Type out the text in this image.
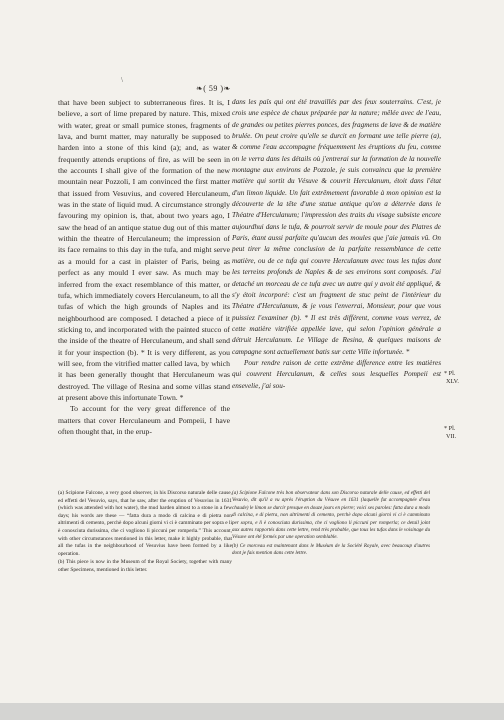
\
❧( 59 )❧

that have been subject to subterraneous fires. It is, I believe, a sort of lime prepared by nature. This, mixed with water, great or small pumice stones, fragments of lava, and burnt matter, may naturally be supposed to harden into a stone of this kind (a); and, as water frequently attends eruptions of fire, as will be seen in the accounts I shall give of the formation of the new mountain near Pozzoli, I am convinced the first matter that issued from Vesuvius, and covered Herculaneum, was in the state of liquid mud. A circumstance strongly favouring my opinion is, that, about two years ago, I saw the head of an antique statue dug out of this matter within the theatre of Herculaneum; the impression of its face remains to this day in the tufa, and might serve as a mould for a cast in plaister of Paris, being as perfect as any mould I ever saw. As much may be inferred from the exact resemblance of this matter, or tufa, which immediately covers Herculaneum, to all the tufas of which the high grounds of Naples and its neighbourhood are composed. I detached a piece of it sticking to, and incorporated with the painted stucco of the inside of the theatre of Herculaneum, and shall send it for your inspection (b). * It is very different, as you will see, from the vitrified matter called lava, by which it has been generally thought that Herculaneum was destroyed. The village of Resina and some villas stand at present above this infortunate Town. *

To account for the very great difference of the matters that cover Herculaneum and Pompeii, I have often thought that, in the erup-

dans les païs qui ont été travaillés par des feux souterrains. C'est, je crois une espèce de chaux préparée par la nature; mêlée avec de l'eau, de grandes ou petites pierres ponces, des fragmens de lave & de matière brulée. On peut croire qu'elle se durcit en formant une telle pierre (a), & comme l'eau accompagne fréquemment les éruptions du feu, comme on le verra dans les détails où j'entrerai sur la formation de la nouvelle montagne aux environs de Pozzole, je suis convaincu que la première matière qui sortit du Vésuve & couvrit Herculanum, étoit dans l'état d'un limon liquide. Un fait extrêmement favorable à mon opinion est la découverte de la tête d'une statue antique qu'on a déterrée dans le Théatre d'Herculanum; l'impression des traits du visage subsiste encore aujourdhui dans le tufa, & pourroit servir de moule pour des Platres de Paris, étant aussi parfaite qu'aucun des moules que j'aie jamais vû. On peut tirer la même conclusion de la parfaite ressemblance de cette matière, ou de ce tufa qui couvre Herculanum avec tous les tufas dont les terreins profonds de Naples & de ses environs sont composés. J'ai detaché un morceau de ce tufa avec un autre qui y avoit été appliqué, & s'y étoit incorporé: c'est un fragment de stuc peint de l'intérieur du Théatre d'Herculanum, & je vous l'enverrai, Monsieur, pour que vous puissiez l'examiner (b). * Il est très différent, comme vous verrez, de cette matière vitrifiée appellée lave, qui selon l'opinion générale a détruit Herculanum. Le Village de Resina, & quelques maisons de campagne sont actuellement batis sur cette Ville infortunée. *

Pour rendre raison de cette extrême difference entre les matières qui couvrent Herculanum, & celles sous lesquelles Pompeii est ensevelie, j'ai sou-

* Pl.
XLV.
* Pl.
VII.

(a) Scipione Falcone, a very good observer, in his Discorso naturale delle cause, ed effetti del Vesuvio, says, that he saw, after the eruption of Vesuvius in 1631 (which was attended with hot water), the mud harden almost to a stone in a few days; his words are these — “fatta dura a modo di calcina e di pietra non altrimenti di cemento, perchè dopo alcuni giorni vi ci è camminato per sopra e li è conosciuta durissima, che ci vogliono li piccuni per romperla.” This account, with other circumstances mentioned in this letter, make it highly probable, that all the tufas in the neighbourhood of Vesuvius have been formed by a like operation.

(b) This piece is now in the Museum of the Royal Society, together with many other Specimens, mentioned in this letter.

(a) Scipione Falcone très bon observateur dans son Discorso naturale delle cause, ed effetti del Vesuvio, dit qu'il a vu après l'éruption du Vésuve en 1631 (laquelle fut accompagnée d'eau chaude) le limon se durcir presque en douze jours en pierre; voici ses paroles: fatta dura a modo di calcina, e di pietra, non altrimenti di cemento, perchè dopo alcuni giorni vi ci è camminato per sopra, e li è conosciuta durissima, che ci vogliono li piccuni per romperla; ce detail joint aux autres rapportés dans cette lettre, rend très probable, que tous les tufas dans le voisinage du Vésuve ont été formés par une operation semblable.

(b) Ce morceau est maintenant dans le Muséum de la Société Royale, avec beaucoup d'autres dont je fais mention dans cette lettre.
